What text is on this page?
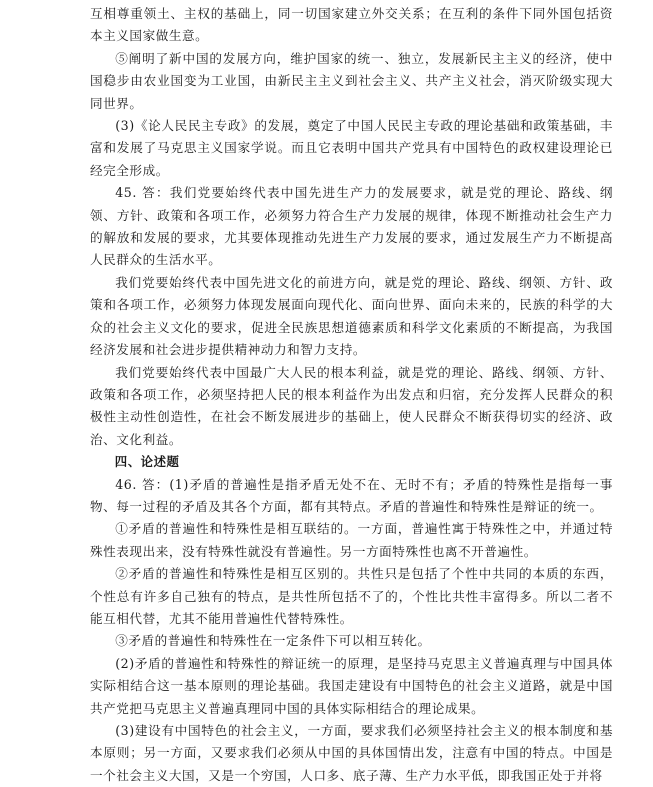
互相尊重领土、主权的基础上，同一切国家建立外交关系；在互利的条件下同外国包括资本主义国家做生意。

⑤阐明了新中国的发展方向，维护国家的统一、独立，发展新民主主义的经济，使中国稳步由农业国变为工业国，由新民主主义到社会主义、共产主义社会，消灭阶级实现大同世界。

(3)《论人民民主专政》的发展，奠定了中国人民民主专政的理论基础和政策基础，丰富和发展了马克思主义国家学说。而且它表明中国共产党具有中国特色的政权建设理论已经完全形成。

45. 答：我们党要始终代表中国先进生产力的发展要求，就是党的理论、路线、纲领、方针、政策和各项工作，必须努力符合生产力发展的规律，体现不断推动社会生产力的解放和发展的要求，尤其要体现推动先进生产力发展的要求，通过发展生产力不断提高人民群众的生活水平。

我们党要始终代表中国先进文化的前进方向，就是党的理论、路线、纲领、方针、政策和各项工作，必须努力体现发展面向现代化、面向世界、面向未来的，民族的科学的大众的社会主义文化的要求，促进全民族思想道德素质和科学文化素质的不断提高，为我国经济发展和社会进步提供精神动力和智力支持。

我们党要始终代表中国最广大人民的根本利益，就是党的理论、路线、纲领、方针、政策和各项工作，必须坚持把人民的根本利益作为出发点和归宿，充分发挥人民群众的积极性主动性创造性，在社会不断发展进步的基础上，使人民群众不断获得切实的经济、政治、文化利益。

四、论述题

46. 答：(1)矛盾的普遍性是指矛盾无处不在、无时不有；矛盾的特殊性是指每一事物、每一过程的矛盾及其各个方面，都有其特点。矛盾的普遍性和特殊性是辩证的统一。

①矛盾的普遍性和特殊性是相互联结的。一方面，普遍性寓于特殊性之中，并通过特殊性表现出来，没有特殊性就没有普遍性。另一方面特殊性也离不开普遍性。

②矛盾的普遍性和特殊性是相互区别的。共性只是包括了个性中共同的本质的东西，个性总有许多自己独有的特点，是共性所包括不了的，个性比共性丰富得多。所以二者不能互相代替，尤其不能用普遍性代替特殊性。

③矛盾的普遍性和特殊性在一定条件下可以相互转化。

(2)矛盾的普遍性和特殊性的辩证统一的原理，是坚持马克思主义普遍真理与中国具体实际相结合这一基本原则的理论基础。我国走建设有中国特色的社会主义道路，就是中国共产党把马克思主义普遍真理同中国的具体实际相结合的理论成果。

(3)建设有中国特色的社会主义，一方面，要求我们必须坚持社会主义的根本制度和基本原则；另一方面，又要求我们必须从中国的具体国情出发，注意有中国的特点。中国是一个社会主义大国，又是一个穷国，人口多、底子薄、生产力水平低，即我国正处于并将
